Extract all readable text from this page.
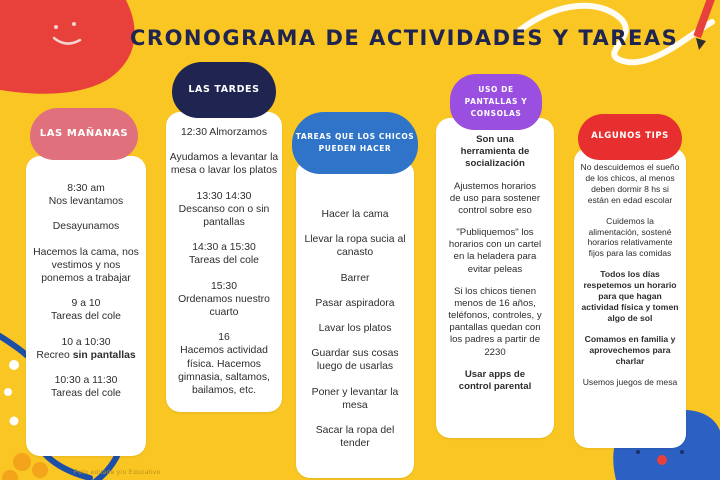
CRONOGRAMA DE ACTIVIDADES Y TAREAS
LAS MAÑANAS

8:30 am
Nos levantamos

Desayunamos

Hacemos la cama, nos vestimos y nos ponemos a trabajar

9 a 10
Tareas del cole

10 a 10:30
Recreo sin pantallas

10:30 a 11:30
Tareas del cole

LAS TARDES

12:30 Almorzamos

Ayudamos a levantar la mesa o lavar los platos

13:30 14:30
Descanso con o sin pantallas

14:30 a 15:30
Tareas del cole

15:30
Ordenamos nuestro cuarto

16
Hacemos actividad física. Hacemos gimnasia, saltamos, bailamos, etc.

TAREAS QUE LOS CHICOS
PUEDEN HACER

Hacer la cama

Llevar la ropa sucia al canasto

Barrer

Pasar aspiradora

Lavar los platos

Guardar sus cosas luego de usarlas

Poner y levantar la mesa

Sacar la ropa del tender

USO DE
PANTALLAS Y
CONSOLAS

Son una herramienta de socialización

Ajustemos horarios de uso para sostener control sobre eso

"Publiquemos" los horarios con un cartel en la heladera para evitar peleas

Si los chicos tienen menos de 16 años, teléfonos, controles, y pantallas quedan con los padres a partir de 2230

Usar apps de control parental

ALGUNOS TIPS

No descuidemos el sueño de los chicos, al menos deben dormir 8 hs si están en edad escolar

Cuidemos la alimentación, sostené horarios relativamente fijos para las comidas

Todos los días respetemos un horario para que hagan actividad física y tomen algo de sol

Comamos en familia y aprovechemos para charlar

Usemos juegos de mesa

Foto editada y/o Educativo
